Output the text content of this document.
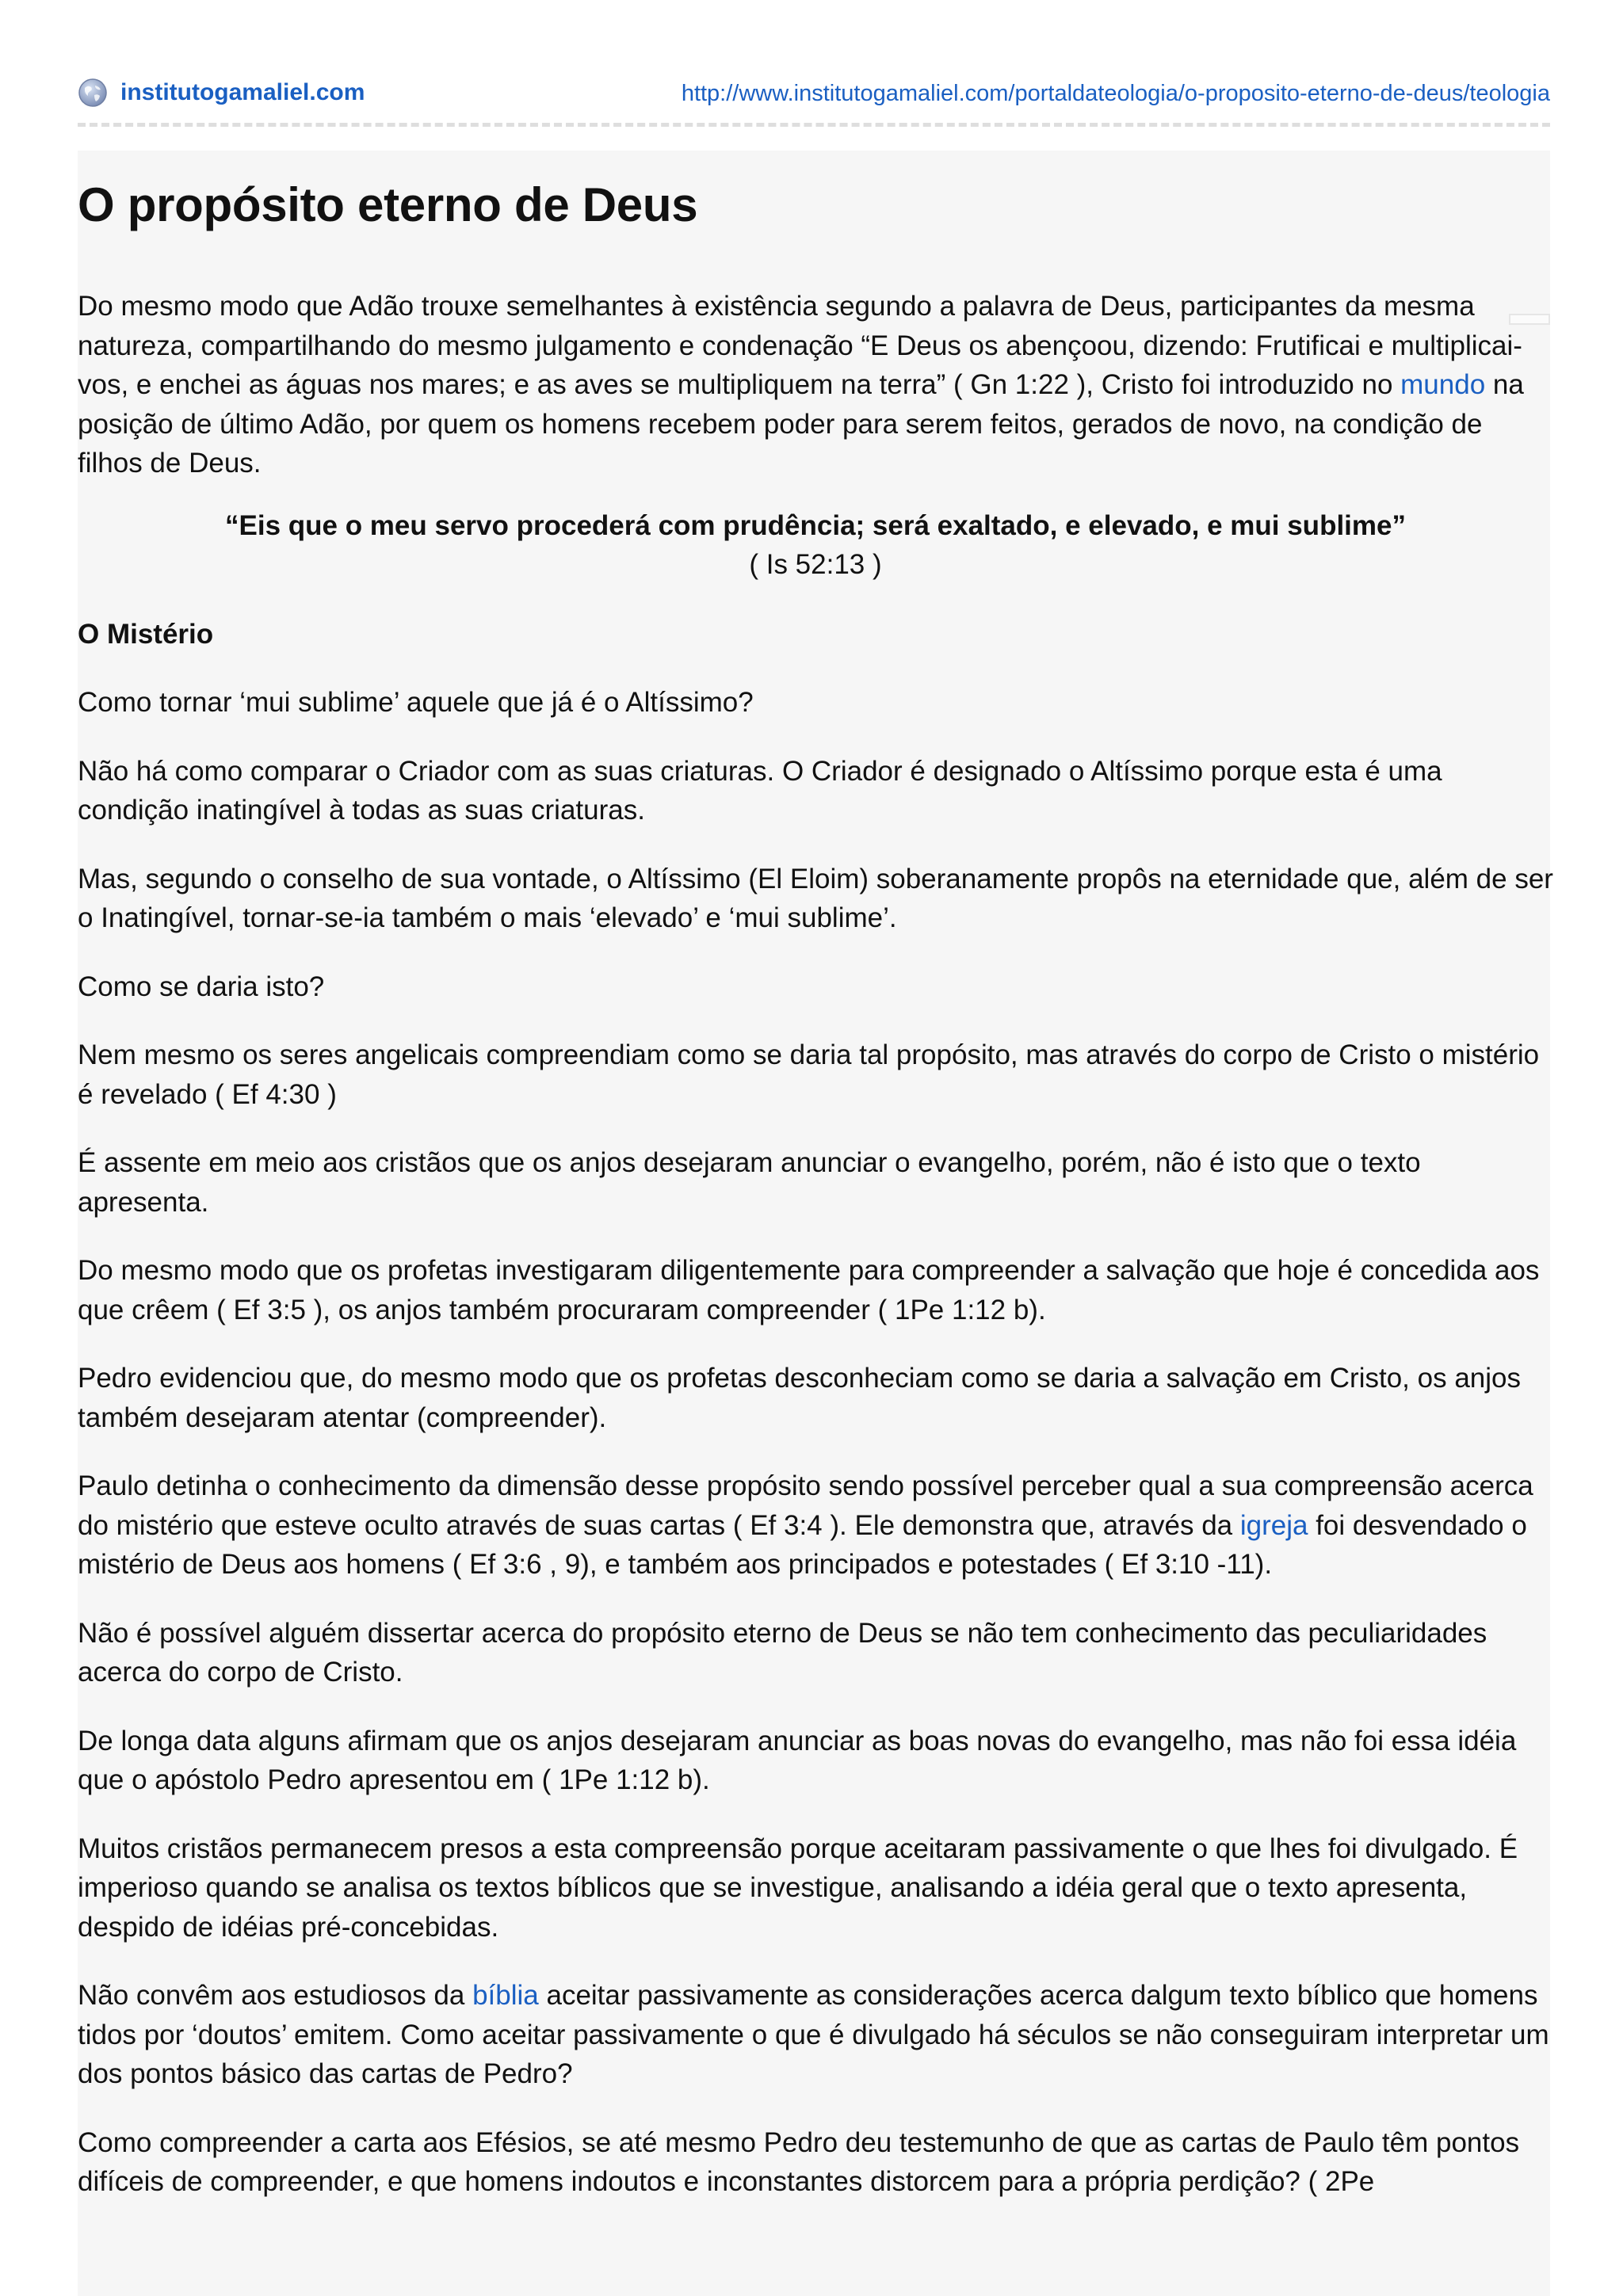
institutogamaliel.com	http://www.institutogamaliel.com/portaldateologia/o-proposito-eterno-de-deus/teologia
O propósito eterno de Deus

Do mesmo modo que Adão trouxe semelhantes à existência segundo a palavra de Deus, participantes da mesma natureza, compartilhando do mesmo julgamento e condenação “E Deus os abençoou, dizendo: Frutificai e multiplicai-vos, e enchei as águas nos mares; e as aves se multipliquem na terra” ( Gn 1:22 ), Cristo foi introduzido no mundo na posição de último Adão, por quem os homens recebem poder para serem feitos, gerados de novo, na condição de filhos de Deus.

“Eis que o meu servo procederá com prudência; será exaltado, e elevado, e mui sublime”
( Is 52:13 )

O Mistério

Como tornar ‘mui sublime’ aquele que já é o Altíssimo?

Não há como comparar o Criador com as suas criaturas. O Criador é designado o Altíssimo porque esta é uma condição inatingível à todas as suas criaturas.

Mas, segundo o conselho de sua vontade, o Altíssimo (El Eloim) soberanamente propôs na eternidade que, além de ser o Inatingível, tornar-se-ia também o mais ‘elevado’ e ‘mui sublime’.

Como se daria isto?

Nem mesmo os seres angelicais compreendiam como se daria tal propósito, mas através do corpo de Cristo o mistério é revelado ( Ef 4:30 )

É assente em meio aos cristãos que os anjos desejaram anunciar o evangelho, porém, não é isto que o texto apresenta.

Do mesmo modo que os profetas investigaram diligentemente para compreender a salvação que hoje é concedida aos que crêem ( Ef 3:5 ), os anjos também procuraram compreender ( 1Pe 1:12 b).

Pedro evidenciou que, do mesmo modo que os profetas desconheciam como se daria a salvação em Cristo, os anjos também desejaram atentar (compreender).

Paulo detinha o conhecimento da dimensão desse propósito sendo possível perceber qual a sua compreensão acerca do mistério que esteve oculto através de suas cartas ( Ef 3:4 ). Ele demonstra que, através da igreja foi desvendado o mistério de Deus aos homens ( Ef 3:6 , 9), e também aos principados e potestades ( Ef 3:10 -11).

Não é possível alguém dissertar acerca do propósito eterno de Deus se não tem conhecimento das peculiaridades acerca do corpo de Cristo.

De longa data alguns afirmam que os anjos desejaram anunciar as boas novas do evangelho, mas não foi essa idéia que o apóstolo Pedro apresentou em ( 1Pe 1:12 b).

Muitos cristãos permanecem presos a esta compreensão porque aceitaram passivamente o que lhes foi divulgado. É imperioso quando se analisa os textos bíblicos que se investigue, analisando a idéia geral que o texto apresenta, despido de idéias pré-concebidas.

Não convêm aos estudiosos da bíblia aceitar passivamente as considerações acerca dalgum texto bíblico que homens tidos por ‘doutos’ emitem. Como aceitar passivamente o que é divulgado há séculos se não conseguiram interpretar um dos pontos básico das cartas de Pedro?

Como compreender a carta aos Efésios, se até mesmo Pedro deu testemunho de que as cartas de Paulo têm pontos difíceis de compreender, e que homens indoutos e inconstantes distorcem para a própria perdição? ( 2Pe
